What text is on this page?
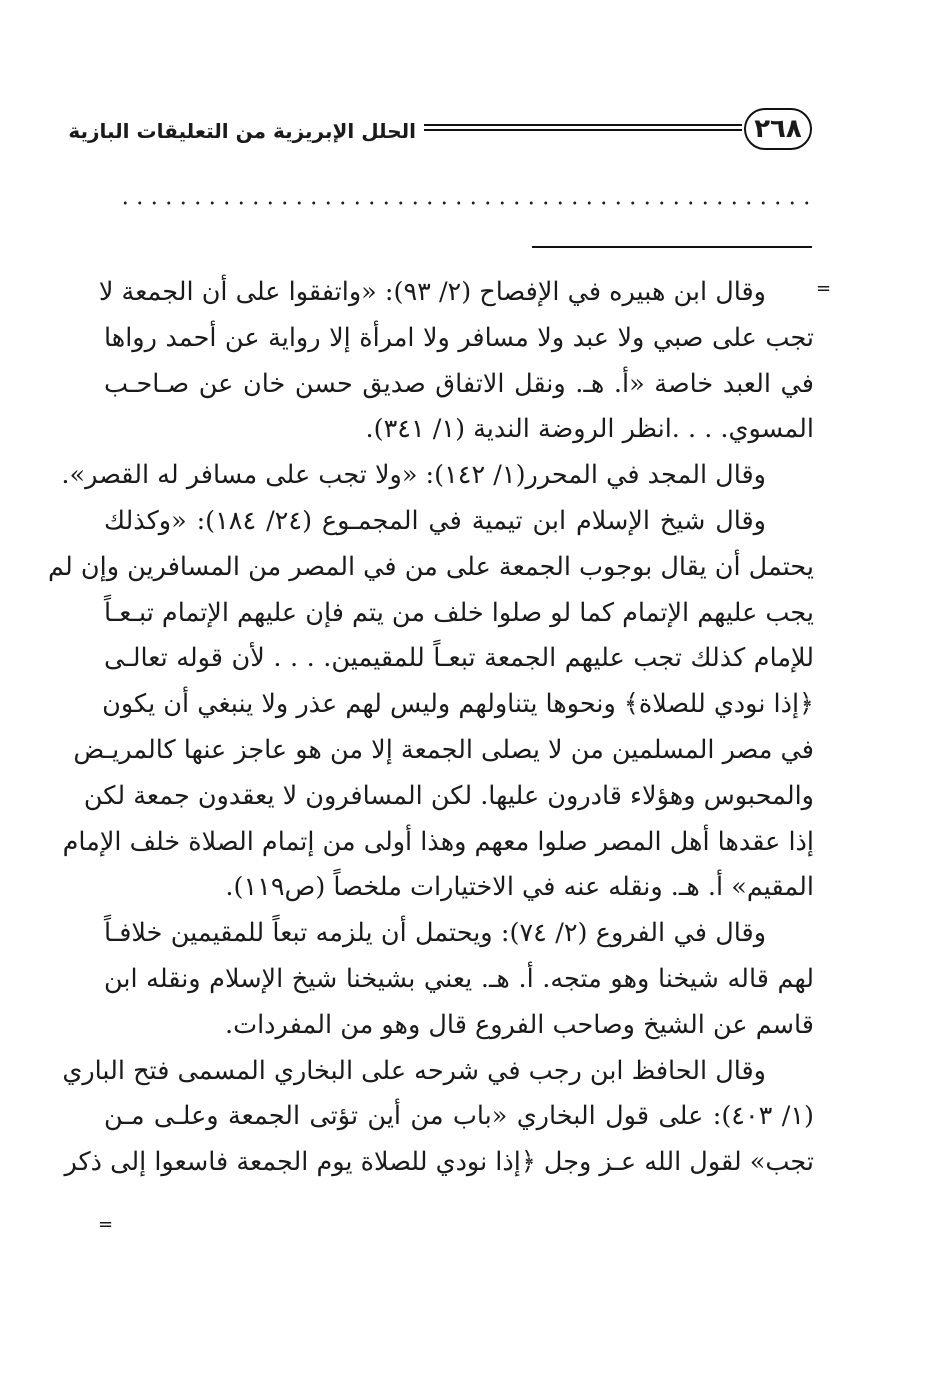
الحلل الإبريزية من التعليقات البازية	٢٦٨
=
وقال ابن هبيره في الإفصاح (٢/ ٩٣): «واتفقوا على أن الجمعة لا
تجب على صبي ولا عبد ولا مسافر ولا امرأة إلا رواية عن أحمد رواها
في العبد خاصة «أ. هـ. ونقل الاتفاق صديق حسن خان عن صـاحـب
المسوي. . . .انظر الروضة الندية (١/ ٣٤١).
وقال المجد في المحرر(١/ ١٤٢): «ولا تجب على مسافر له القصر».
وقال شيخ الإسلام ابن تيمية في المجمـوع (٢٤/ ١٨٤): «وكذلك
يحتمل أن يقال بوجوب الجمعة على من في المصر من المسافرين وإن لم
يجب عليهم الإتمام كما لو صلوا خلف من يتم فإن عليهم الإتمام تبـعـاً
للإمام كذلك تجب عليهم الجمعة تبعـاً للمقيمين. . . . لأن قوله تعالـى
﴿إذا نودي للصلاة﴾ ونحوها يتناولهم وليس لهم عذر ولا ينبغي أن يكون
في مصر المسلمين من لا يصلى الجمعة إلا من هو عاجز عنها كالمريـض
والمحبوس وهؤلاء قادرون عليها. لكن المسافرون لا يعقدون جمعة لكن
إذا عقدها أهل المصر صلوا معهم وهذا أولى من إتمام الصلاة خلف الإمام
المقيم» أ. هـ. ونقله عنه في الاختيارات ملخصاً (ص١١٩).
وقال في الفروع (٢/ ٧٤): ويحتمل أن يلزمه تبعاً للمقيمين خلافـاً
لهم قاله شيخنا وهو متجه. أ. هـ. يعني بشيخنا شيخ الإسلام ونقله ابن
قاسم عن الشيخ وصاحب الفروع قال وهو من المفردات.
وقال الحافظ ابن رجب في شرحه على البخاري المسمى فتح الباري
(١/ ٤٠٣): على قول البخاري «باب من أين تؤتى الجمعة وعلـى مـن
تجب» لقول الله عـز وجل ﴿إذا نودي للصلاة يوم الجمعة فاسعوا إلى ذكر
=
